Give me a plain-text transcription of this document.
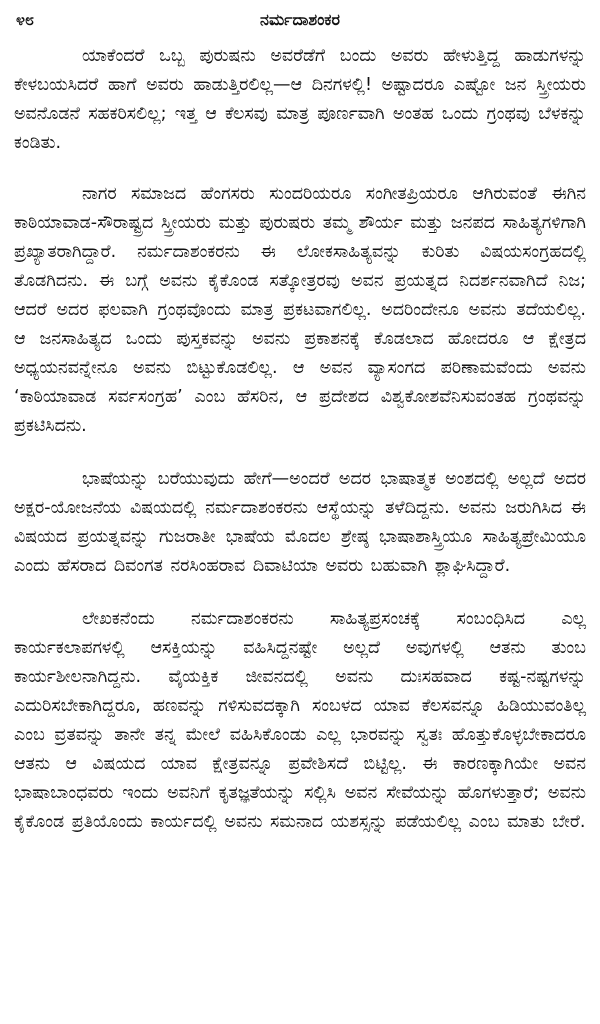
೪೮	ನರ್ಮದಾಶಂಕರ

ಯಾಕೆಂದರೆ ಒಬ್ಬ ಪುರುಷನು ಅವರೆಡೆಗೆ ಬಂದು ಅವರು ಹೇಳುತ್ತಿದ್ದ ಹಾಡುಗಳನ್ನು ಕೇಳಬಯಸಿದರೆ ಹಾಗೆ ಅವರು ಹಾಡುತ್ತಿರಲಿಲ್ಲ—ಆ ದಿನಗಳಲ್ಲಿ! ಅಷ್ಟಾದರೂ ಎಷ್ಟೋ ಜನ ಸ್ತ್ರೀಯರು ಅವನೊಡನೆ ಸಹಕರಿಸಲಿಲ್ಲ; ಇತ್ತ ಆ ಕೆಲಸವು ಮಾತ್ರ ಪೂರ್ಣವಾಗಿ ಅಂತಹ ಒಂದು ಗ್ರಂಥವು ಬೆಳಕನ್ನು ಕಂಡಿತು.

ನಾಗರ ಸಮಾಜದ ಹೆಂಗಸರು ಸುಂದರಿಯರೂ ಸಂಗೀತಪ್ರಿಯರೂ ಆಗಿರುವಂತೆ ಈಗಿನ ಕಾಠಿಯಾವಾಡ-ಸೌರಾಷ್ಟ್ರದ ಸ್ತ್ರೀಯರು ಮತ್ತು ಪುರುಷರು ತಮ್ಮ ಶೌರ್ಯ ಮತ್ತು ಜನಪದ ಸಾಹಿತ್ಯಗಳಿಗಾಗಿ ಪ್ರಖ್ಯಾತರಾಗಿದ್ದಾರೆ. ನರ್ಮದಾಶಂಕರನು ಈ ಲೋಕಸಾಹಿತ್ಯವನ್ನು ಕುರಿತು ವಿಷಯಸಂಗ್ರಹದಲ್ಲಿ ತೊಡಗಿದನು. ಈ ಬಗ್ಗೆ ಅವನು ಕೈಕೊಂಡ ಸತ್ಕೋತ್ರರವು ಅವನ ಪ್ರಯತ್ನದ ನಿದರ್ಶನವಾಗಿದೆ ನಿಜ; ಆದರೆ ಅದರ ಫಲವಾಗಿ ಗ್ರಂಥವೊಂದು ಮಾತ್ರ ಪ್ರಕಟವಾಗಲಿಲ್ಲ. ಅದರಿಂದೇನೂ ಅವನು ತದೆಯಲಿಲ್ಲ. ಆ ಜನಸಾಹಿತ್ಯದ ಒಂದು ಪುಸ್ತಕವನ್ನು ಅವನು ಪ್ರಕಾಶನಕ್ಕೆ ಕೊಡಲಾದ ಹೋದರೂ ಆ ಕ್ಷೇತ್ರದ ಅಧ್ಯಯನವನ್ನೇನೂ ಅವನು ಬಿಟ್ಟುಕೊಡಲಿಲ್ಲ. ಆ ಅವನ ವ್ಯಾಸಂಗದ ಪರಿಣಾಮವೆಂದು ಅವನು ‘ಕಾಠಿಯಾವಾಡ ಸರ್ವಸಂಗ್ರಹ’ ಎಂಬ ಹೆಸರಿನ, ಆ ಪ್ರದೇಶದ ವಿಶ್ವಕೋಶವೆನಿಸುವಂತಹ ಗ್ರಂಥವನ್ನು ಪ್ರಕಟಿಸಿದನು.

ಭಾಷೆಯನ್ನು ಬರೆಯುವುದು ಹೇಗೆ—ಅಂದರೆ ಅದರ ಭಾಷಾತ್ಮಕ ಅಂಶದಲ್ಲಿ ಅಲ್ಲದೆ ಅದರ ಅಕ್ಷರ-ಯೋಜನೆಯ ವಿಷಯದಲ್ಲಿ ನರ್ಮದಾಶಂಕರನು ಆಸ್ಥೆಯನ್ನು ತಳೆದಿದ್ದನು. ಅವನು ಜರುಗಿಸಿದ ಈ ವಿಷಯದ ಪ್ರಯತ್ನವನ್ನು ಗುಜರಾತೀ ಭಾಷೆಯ ಮೊದಲ ಶ್ರೇಷ್ಠ ಭಾಷಾಶಾಸ್ತ್ರಿಯೂ ಸಾಹಿತ್ಯಪ್ರೇಮಿಯೂ ಎಂದು ಹೆಸರಾದ ದಿವಂಗತ ನರಸಿಂಹರಾವ ದಿವಾಟಿಯಾ ಅವರು ಬಹುವಾಗಿ ಶ್ಲಾಘಿಸಿದ್ದಾರೆ.

ಲೇಖಕನೆಂದು ನರ್ಮದಾಶಂಕರನು ಸಾಹಿತ್ಯಪ್ರಸಂಚಕ್ಕೆ ಸಂಬಂಧಿಸಿದ ಎಲ್ಲ ಕಾರ್ಯಕಲಾಪಗಳಲ್ಲಿ ಆಸಕ್ತಿಯನ್ನು ವಹಿಸಿದ್ದನಷ್ಟೇ ಅಲ್ಲದೆ ಅವುಗಳಲ್ಲಿ ಆತನು ತುಂಬ ಕಾರ್ಯಶೀಲನಾಗಿದ್ದನು. ವೈಯಕ್ತಿಕ ಜೀವನದಲ್ಲಿ ಅವನು ದುಃಸಹವಾದ ಕಷ್ಟ-ನಷ್ಟಗಳನ್ನು ಎದುರಿಸಬೇಕಾಗಿದ್ದರೂ, ಹಣವನ್ನು ಗಳಿಸುವದಕ್ಕಾಗಿ ಸಂಬಳದ ಯಾವ ಕೆಲಸವನ್ನೂ ಹಿಡಿಯುವಂತಿಲ್ಲ ಎಂಬ ವ್ರತವನ್ನು ತಾನೇ ತನ್ನ ಮೇಲೆ ವಹಿಸಿಕೊಂಡು ಎಲ್ಲ ಭಾರವನ್ನು ಸ್ವತಃ ಹೊತ್ತುಕೊಳ್ಳಬೇಕಾದರೂ ಆತನು ಆ ವಿಷಯದ ಯಾವ ಕ್ಷೇತ್ರವನ್ನೂ ಪ್ರವೇಶಿಸದೆ ಬಿಟ್ಟಿಲ್ಲ. ಈ ಕಾರಣಕ್ಕಾಗಿಯೇ ಅವನ ಭಾಷಾಬಾಂಧವರು ಇಂದು ಅವನಿಗೆ ಕೃತಜ್ಞತೆಯನ್ನು ಸಲ್ಲಿಸಿ ಅವನ ಸೇವೆಯನ್ನು ಹೊಗಳುತ್ತಾರೆ; ಅವನು ಕೈಕೊಂಡ ಪ್ರತಿಯೊಂದು ಕಾರ್ಯದಲ್ಲಿ ಅವನು ಸಮನಾದ ಯಶಸ್ಸನ್ನು ಪಡೆಯಲಿಲ್ಲ ಎಂಬ ಮಾತು ಬೇರೆ.
